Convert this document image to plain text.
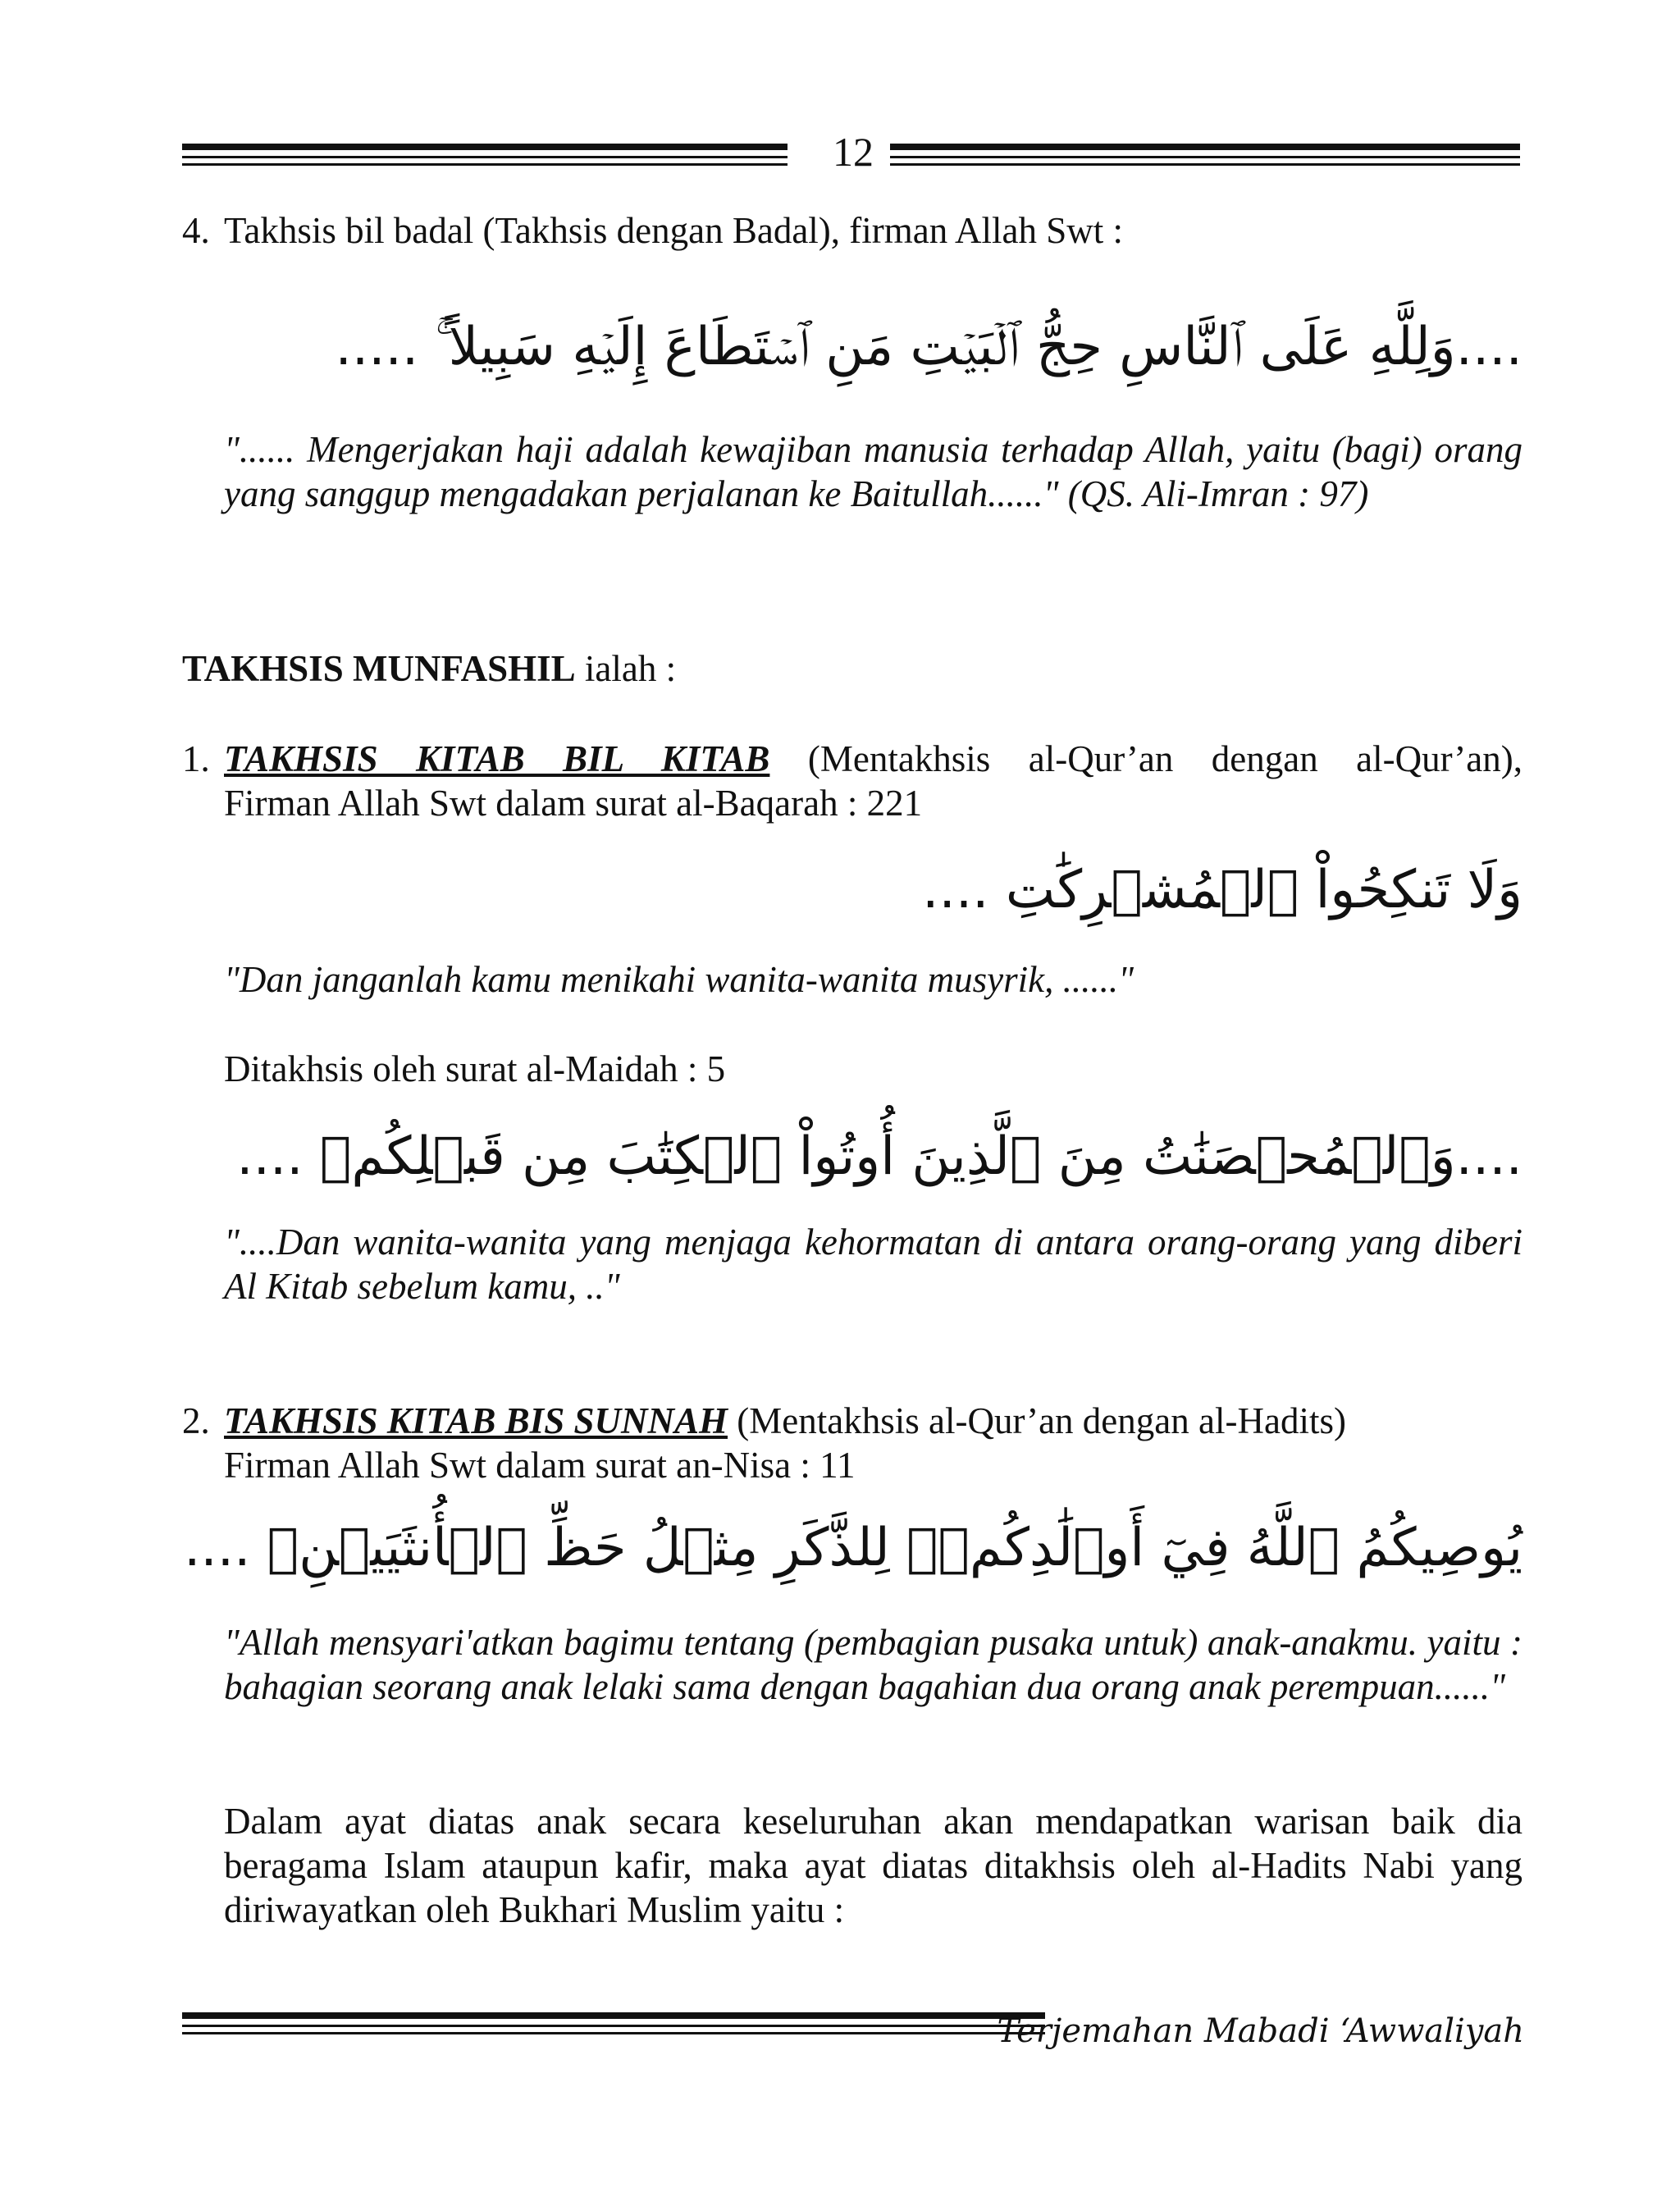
12
4. Takhsis bil badal (Takhsis dengan Badal), firman Allah Swt :
....وَلِلَّهِ عَلَى ٱلنَّاسِ حِجُّ ٱلۡبَيۡتِ مَنِ ٱسۡتَطَاعَ إِلَيۡهِ سَبِيلاً ۚ .....
"...... Mengerjakan haji adalah kewajiban manusia terhadap Allah, yaitu (bagi) orang yang sanggup mengadakan perjalanan ke Baitullah......" (QS. Ali-Imran : 97)
TAKHSIS MUNFASHIL ialah :
1. TAKHSIS KITAB BIL KITAB (Mentakhsis al-Qur’an dengan al-Qur’an),
Firman Allah Swt dalam surat al-Baqarah : 221
وَلَا تَنكِحُواْ ٱلۡمُشۡرِكَٰتِ ....
"Dan janganlah kamu menikahi wanita-wanita musyrik, ......"
Ditakhsis oleh surat al-Maidah : 5
....وَٱلۡمُحۡصَنَٰتُ مِنَ ٱلَّذِينَ أُوتُواْ ٱلۡكِتَٰبَ مِن قَبۡلِكُمۡ ....
"....Dan wanita-wanita yang menjaga kehormatan di antara orang-orang yang diberi Al Kitab sebelum kamu, .."
2. TAKHSIS KITAB BIS SUNNAH (Mentakhsis al-Qur’an dengan al-Hadits)
Firman Allah Swt dalam surat an-Nisa : 11
يُوصِيكُمُ ٱللَّهُ فِيٓ أَوۡلَٰدِكُمۡۖ لِلذَّكَرِ مِثۡلُ حَظِّ ٱلۡأُنثَيَيۡنِۚ ....
"Allah mensyari'atkan bagimu tentang (pembagian pusaka untuk) anak-anakmu. yaitu : bahagian seorang anak lelaki sama dengan bagahian dua orang anak perempuan......"
Dalam ayat diatas anak secara keseluruhan akan mendapatkan warisan baik dia beragama Islam ataupun kafir, maka ayat diatas ditakhsis oleh al-Hadits Nabi yang diriwayatkan oleh Bukhari Muslim yaitu :
Terjemahan Mabadi ‘Awwaliyah
